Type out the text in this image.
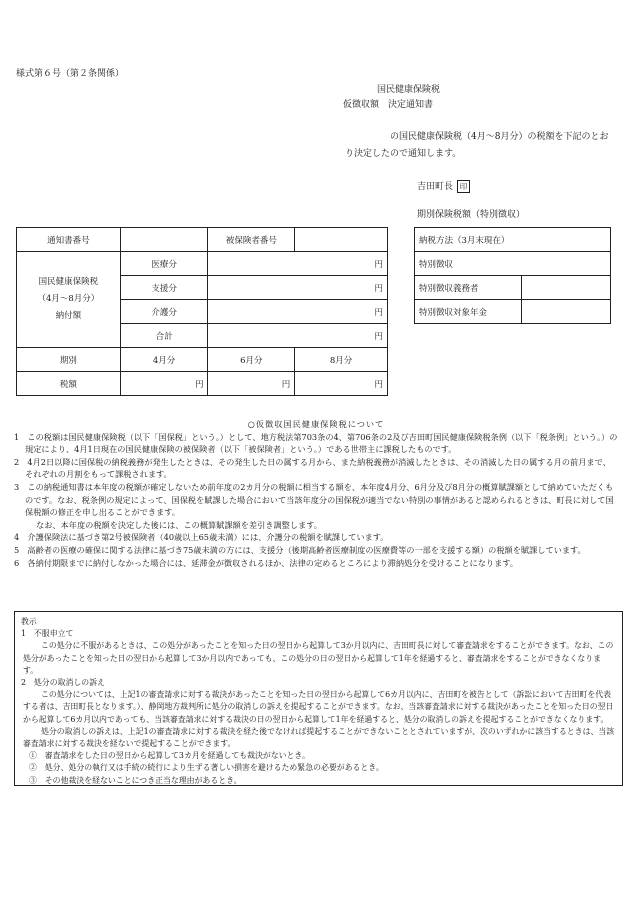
様式第６号（第２条関係）
国民健康保険税
仮徴収額　決定通知書
の国民健康保険税（4月～8月分）の税額を下記のとお
り決定したので通知します。
吉田町長 印
期別保険税額（特別徴収）
通知書番号		被保険者番号	

国民健康保険税
（4月～8月分）
納付額	医療分	円	
	支援分	円	
	介護分	円	
	合計	円	
期別	4月分	6月分	8月分
税額	円	円	円
納税方法（3月末現在）	
特別徴収	
特別徴収義務者	
特別徴収対象年金	
○仮徴収国民健康保険税について
1　この税額は国民健康保険税（以下「国保税」という。）として、地方税法第703条の4、第706条の2及び吉田町国民健康保険税条例（以下「税条例」という。）の規定により、4月1日現在の国民健康保険の被保険者（以下「被保険者」という。）である世帯主に課税したものです。
2　4月2日以降に国保税の納税義務が発生したときは、その発生した日の属する月から、また納税義務が消滅したときは、その消滅した日の属する月の前月まで、それぞれの月割をもって課税されます。
3　この納税通知書は本年度の税額が確定しないため前年度の2カ月分の税額に相当する額を、本年度4月分、6月分及び8月分の概算賦課額として納めていただくものです。なお、税条例の規定によって、国保税を賦課した場合において当該年度分の国保税が適当でない特別の事情があると認められるときは、町長に対して国保税額の修正を申し出ることができます。
なお、本年度の税額を決定した後には、この概算賦課額を差引き調整します。
4　介護保険法に基づき第2号被保険者（40歳以上65歳未満）には、介護分の税額を賦課しています。
5　高齢者の医療の確保に関する法律に基づき75歳未満の方には、支援分（後期高齢者医療制度の医療費等の一部を支援する額）の税額を賦課しています。
6　各納付期限までに納付しなかった場合には、延滞金が徴収されるほか、法律の定めるところにより滞納処分を受けることになります。
教示
1　不服申立て
この処分に不服があるときは、この処分があったことを知った日の翌日から起算して3か月以内に、吉田町長に対して審査請求をすることができます。なお、この処分があったことを知った日の翌日から起算して3か月以内であっても、この処分の日の翌日から起算して1年を経過すると、審査請求をすることができなくなります。
2　処分の取消しの訴え
この処分については、上記1の審査請求に対する裁決があったことを知った日の翌日から起算して6カ月以内に、吉田町を被告として（訴訟において吉田町を代表する者は、吉田町長となります。）、静岡地方裁判所に処分の取消しの訴えを提起することができます。なお、当該審査請求に対する裁決があったことを知った日の翌日から起算して6カ月以内であっても、当該審査請求に対する裁決の日の翌日から起算して1年を経過すると、処分の取消しの訴えを提起することができなくなります。
処分の取消しの訴えは、上記1の審査請求に対する裁決を経た後でなければ提起することができないこととされていますが、次のいずれかに該当するときは、当該審査請求に対する裁決を経ないで提起することができます。
①　審査請求をした日の翌日から起算して3カ月を経過しても裁決がないとき。
②　処分、処分の執行又は手続の続行により生ずる著しい損害を避けるため緊急の必要があるとき。
③　その他裁決を経ないことにつき正当な理由があるとき。
